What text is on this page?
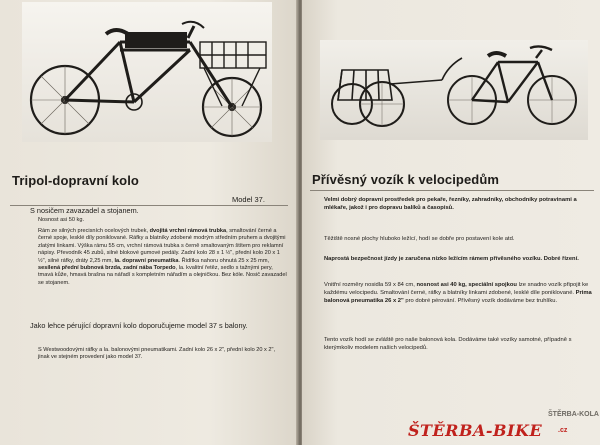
Tripol-dopravní kolo
Model 37.
S nosičem zavazadel a stojanem.
Nosnost asi 50 kg.
Rám ze silných precisních ocelových trubek, dvojitá vrchní rámová trubka, smaltování černé a černé spoje, lesklé díly poniklované. Ráfky a blatníky zdobené modrým středním pruhem a dvojitými zlatými linkami. Výška rámu 55 cm, vrchní rámová trubka s černě smaltovaným štítem pro reklamní nápisy. Převodník 45 zubů, silné blokové gumové pedály. Zadní kolo 28 x 1 ½", přední kolo 20 x 1 ½", silné ráfky, dráty 2,25 mm, la. dopravní pneumatika. Řidítka nahoru ohnutá 25 x 25 mm, sesílená přední bubnová brzda, zadní nába Torpedo, la. kvalitní řetěz, sedlo s tažnými pery, tmavá kůže, hmavá brašna na nářadí s kompletním nářadím a olejničkou. Bez kóle. Nosič zavazadel se stojanem.
Jako lehce pérující dopravní kolo doporučujeme model 37 s balony.
S Westwoodovými ráfky a la. balonovými pneumatikami. Zadní kolo 26 x 2", přední kolo 20 x 2", jinak ve stejném provedení jako model 37.
Přívěsný vozík k velocipedům
Velmi dobrý dopravní prostředek pro pekaře, řezníky, zahradníky, obchodníky potravinami a mlékaře, jakož i pro dopravu balíků a časopisů.
Těžiště nosné plochy hluboko ležící, hodí se dobře pro postavení kole atd.
Naprostá bezpečnost jízdy je zaručena nízko ležícím rámem přívěsného vozíku. Dobré řízení.
Vnitřní rozměry nosidla 59 x 84 cm, nosnost asi 40 kg, speciální spojkou lze snadno vozík připojit ke každému velocipedu. Smaltování černé, ráfky a blatníky linkami zdobené, lesklé díle poniklované. Prima balonová pneumatika 26 x 2" pro dobré pérování. Přívěsný vozík dodáváme bez truhlíku.
Tento vozík hodí se zvláště pro naše balonová kola. Dodáváme také vozíky samotné, případně s kterýmkoliv modelem našich velocipedů.
ŠTĚRBA-KOLA
ŠTĚRBA-BIKE .cz
